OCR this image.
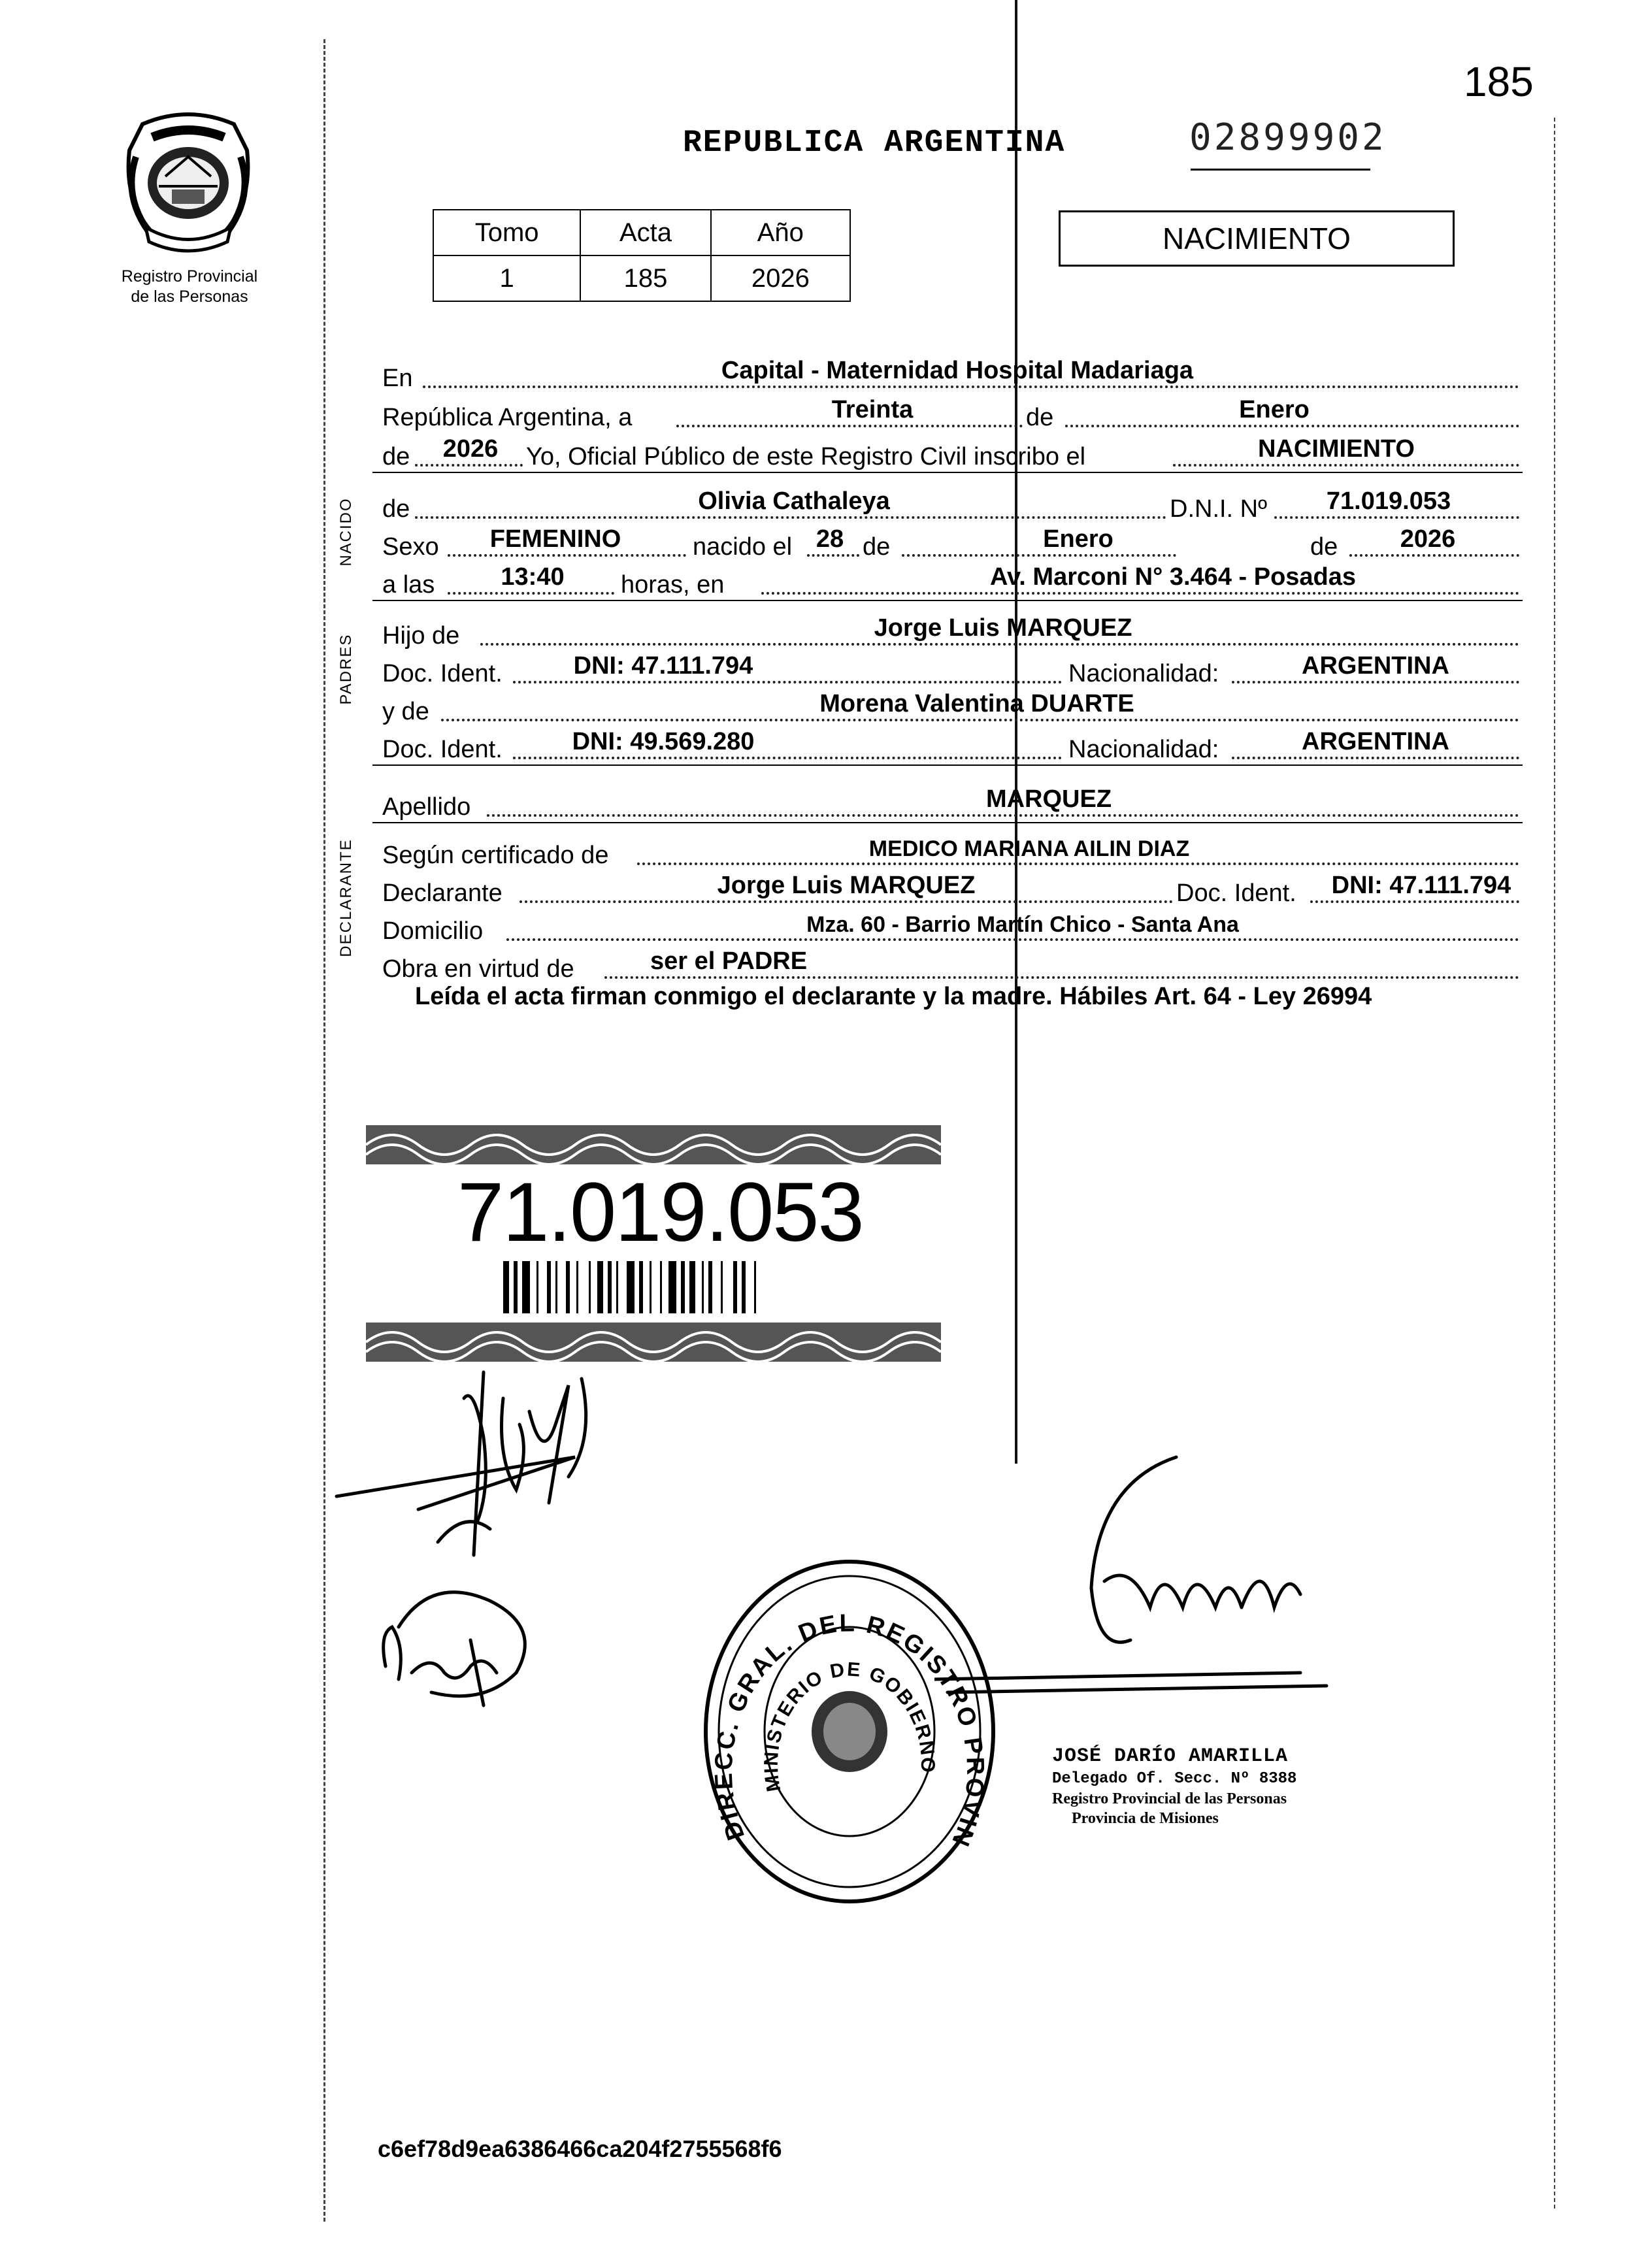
185
Registro Provincial
de las Personas
REPUBLICA ARGENTINA	02899902
Tomo	Acta	Año
1	185	2026
NACIMIENTO
En	Capital - Maternidad Hospital Madariaga
República Argentina, a	Treinta	de	Enero
de	2026	Yo, Oficial Público de este Registro Civil inscribo el	NACIMIENTO
NACIDO de	Olivia Cathaleya	D.N.I. Nº	71.019.053
Sexo	FEMENINO	nacido el 28 de	Enero	de	2026
a las	13:40	horas, en	Av. Marconi N° 3.464 - Posadas
PADRES Hijo de	Jorge Luis MARQUEZ
Doc. Ident.	DNI: 47.111.794	Nacionalidad:	ARGENTINA
y de	Morena Valentina DUARTE
Doc. Ident.	DNI: 49.569.280	Nacionalidad:	ARGENTINA
Apellido	MARQUEZ
DECLARANTE Según certificado de	MEDICO MARIANA AILIN DIAZ
Declarante	Jorge Luis MARQUEZ	Doc. Ident.	DNI: 47.111.794
Domicilio	Mza. 60 - Barrio Martín Chico - Santa Ana
Obra en virtud de	ser el PADRE
Leída el acta firman conmigo el declarante y la madre. Hábiles Art. 64 - Ley 26994
71.019.053
DIRECC. GRAL. DEL REGISTRO PROVIN
MINISTERIO DE GOBIERNO	JOSÉ DARÍO AMARILLA
Delegado Of. Secc. Nº 8388
Registro Provincial de las Personas
Provincia de Misiones
c6ef78d9ea6386466ca204f2755568f6
